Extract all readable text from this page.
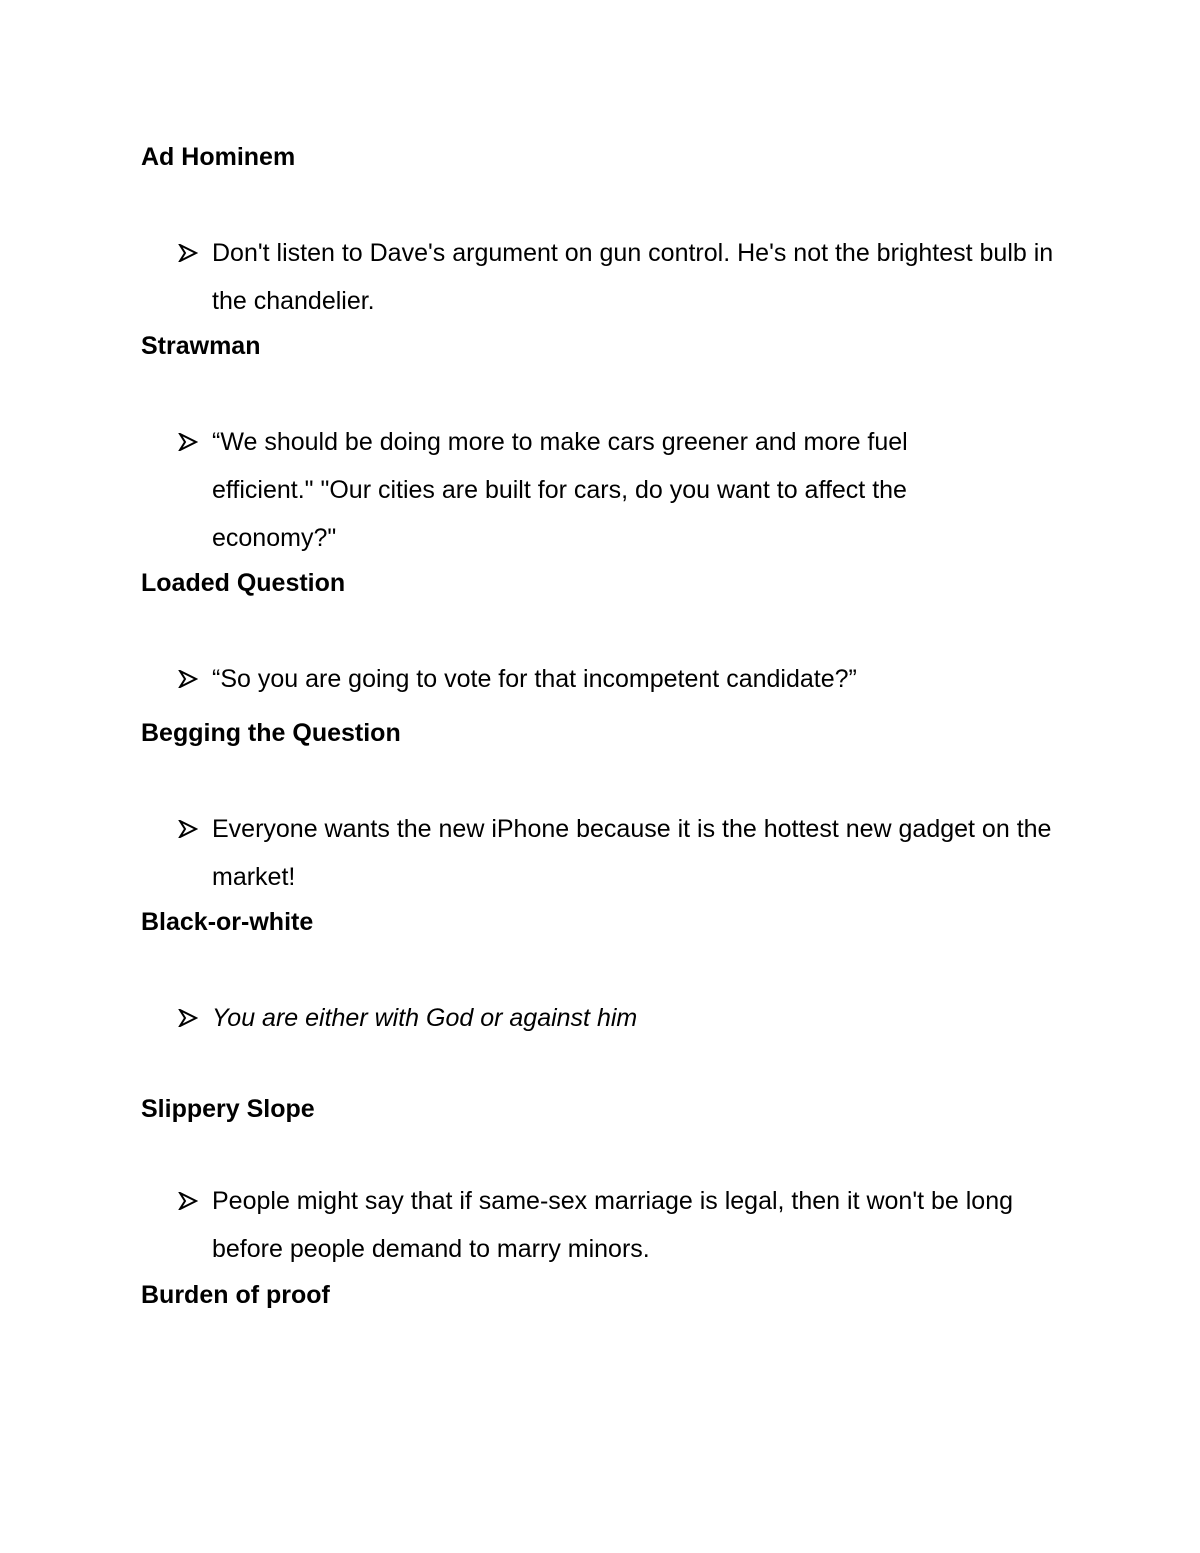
Ad Hominem
Don't listen to Dave's argument on gun control. He's not the brightest bulb in the chandelier.
Strawman
“We should be doing more to make cars greener and more fuel efficient." "Our cities are built for cars, do you want to affect the economy?"
Loaded Question
“So you are going to vote for that incompetent candidate?”
Begging the Question
Everyone wants the new iPhone because it is the hottest new gadget on the market!
Black-or-white
You are either with God or against him
Slippery Slope
People might say that if same-sex marriage is legal, then it won't be long before people demand to marry minors.
Burden of proof
